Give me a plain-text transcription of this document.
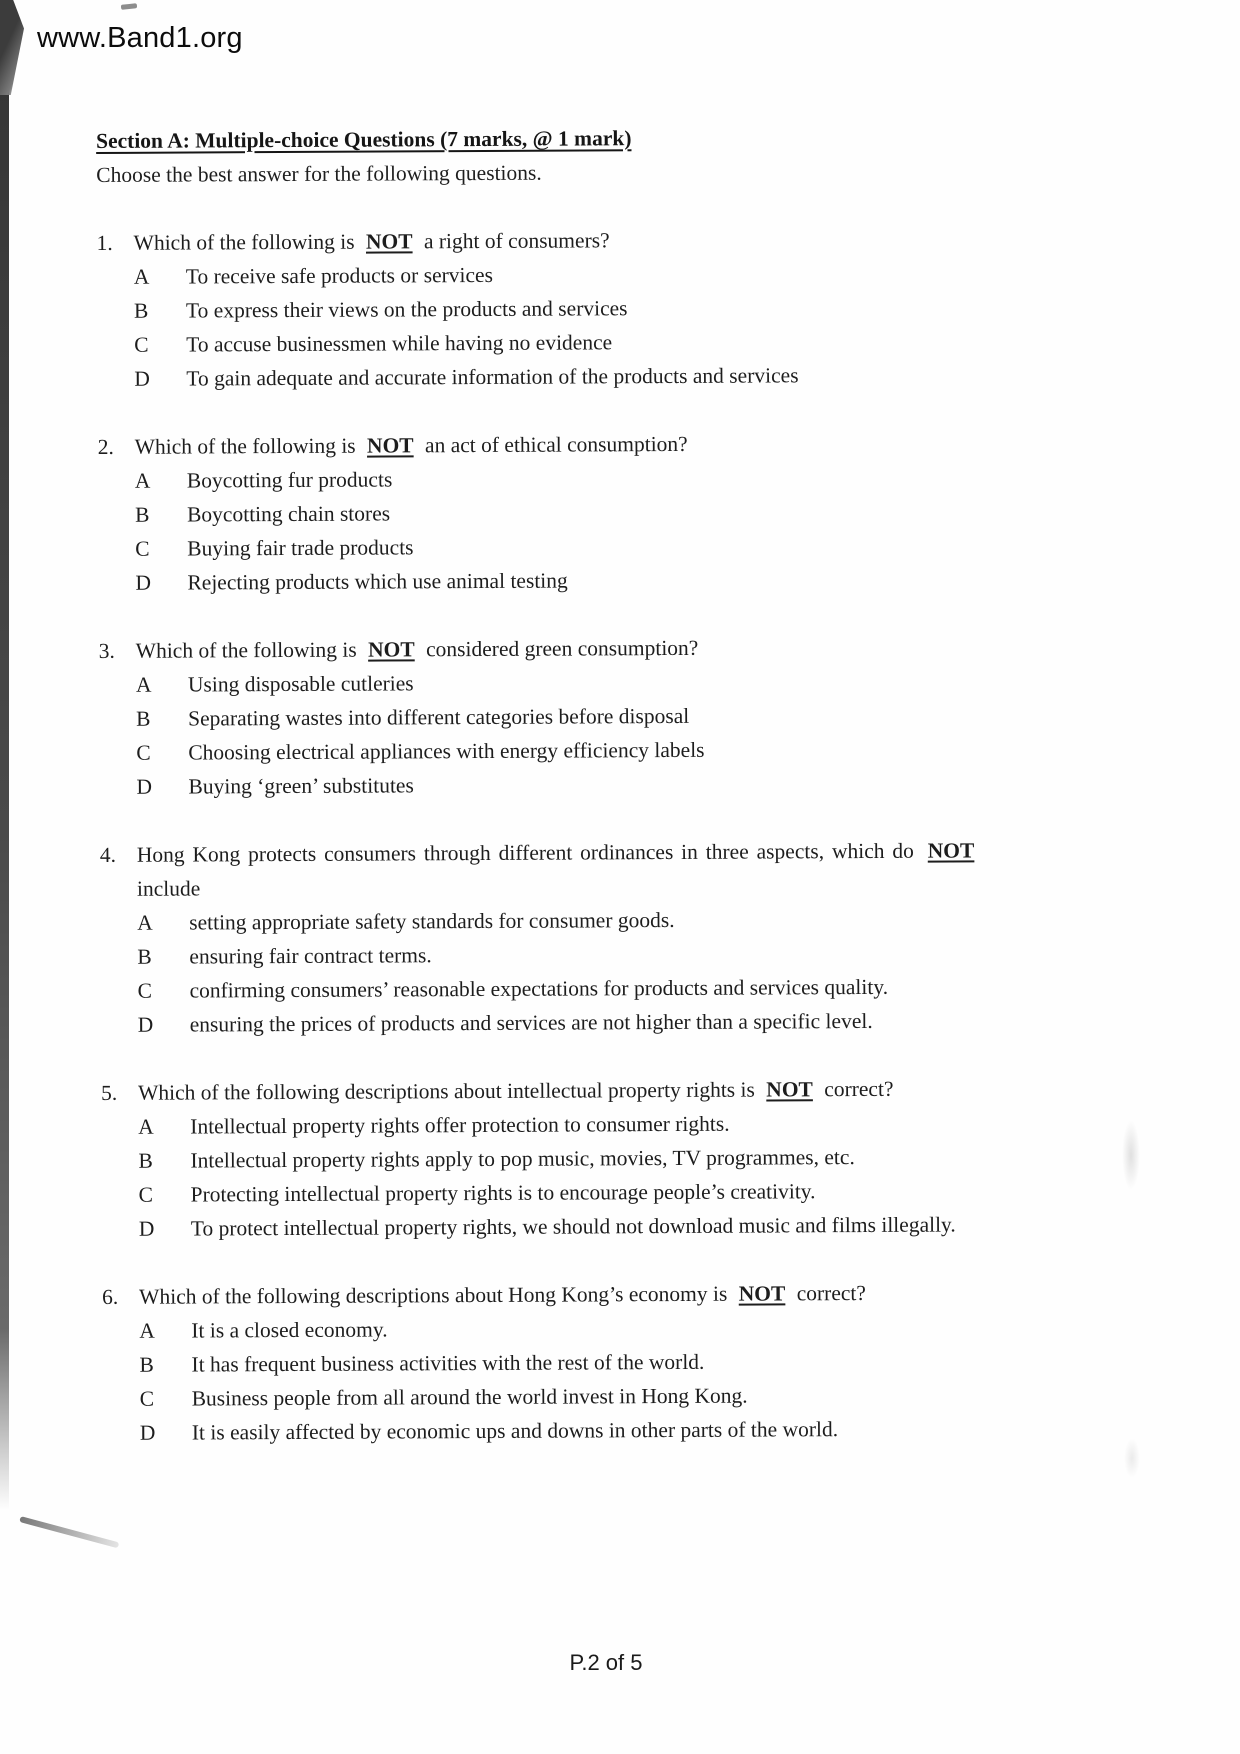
www.Band1.org
Section A: Multiple-choice Questions (7 marks, @ 1 mark)
Choose the best answer for the following questions.
1. Which of the following is NOT a right of consumers?
A	To receive safe products or services
B	To express their views on the products and services
C	To accuse businessmen while having no evidence
D	To gain adequate and accurate information of the products and services
2. Which of the following is NOT an act of ethical consumption?
A	Boycotting fur products
B	Boycotting chain stores
C	Buying fair trade products
D	Rejecting products which use animal testing
3. Which of the following is NOT considered green consumption?
A	Using disposable cutleries
B	Separating wastes into different categories before disposal
C	Choosing electrical appliances with energy efficiency labels
D	Buying ‘green’ substitutes
4. Hong Kong protects consumers through different ordinances in three aspects, which do NOT
include
A	setting appropriate safety standards for consumer goods.
B	ensuring fair contract terms.
C	confirming consumers’ reasonable expectations for products and services quality.
D	ensuring the prices of products and services are not higher than a specific level.
5. Which of the following descriptions about intellectual property rights is NOT correct?
A	Intellectual property rights offer protection to consumer rights.
B	Intellectual property rights apply to pop music, movies, TV programmes, etc.
C	Protecting intellectual property rights is to encourage people’s creativity.
D	To protect intellectual property rights, we should not download music and films illegally.
6. Which of the following descriptions about Hong Kong’s economy is NOT correct?
A	It is a closed economy.
B	It has frequent business activities with the rest of the world.
C	Business people from all around the world invest in Hong Kong.
D	It is easily affected by economic ups and downs in other parts of the world.
P.2 of 5
